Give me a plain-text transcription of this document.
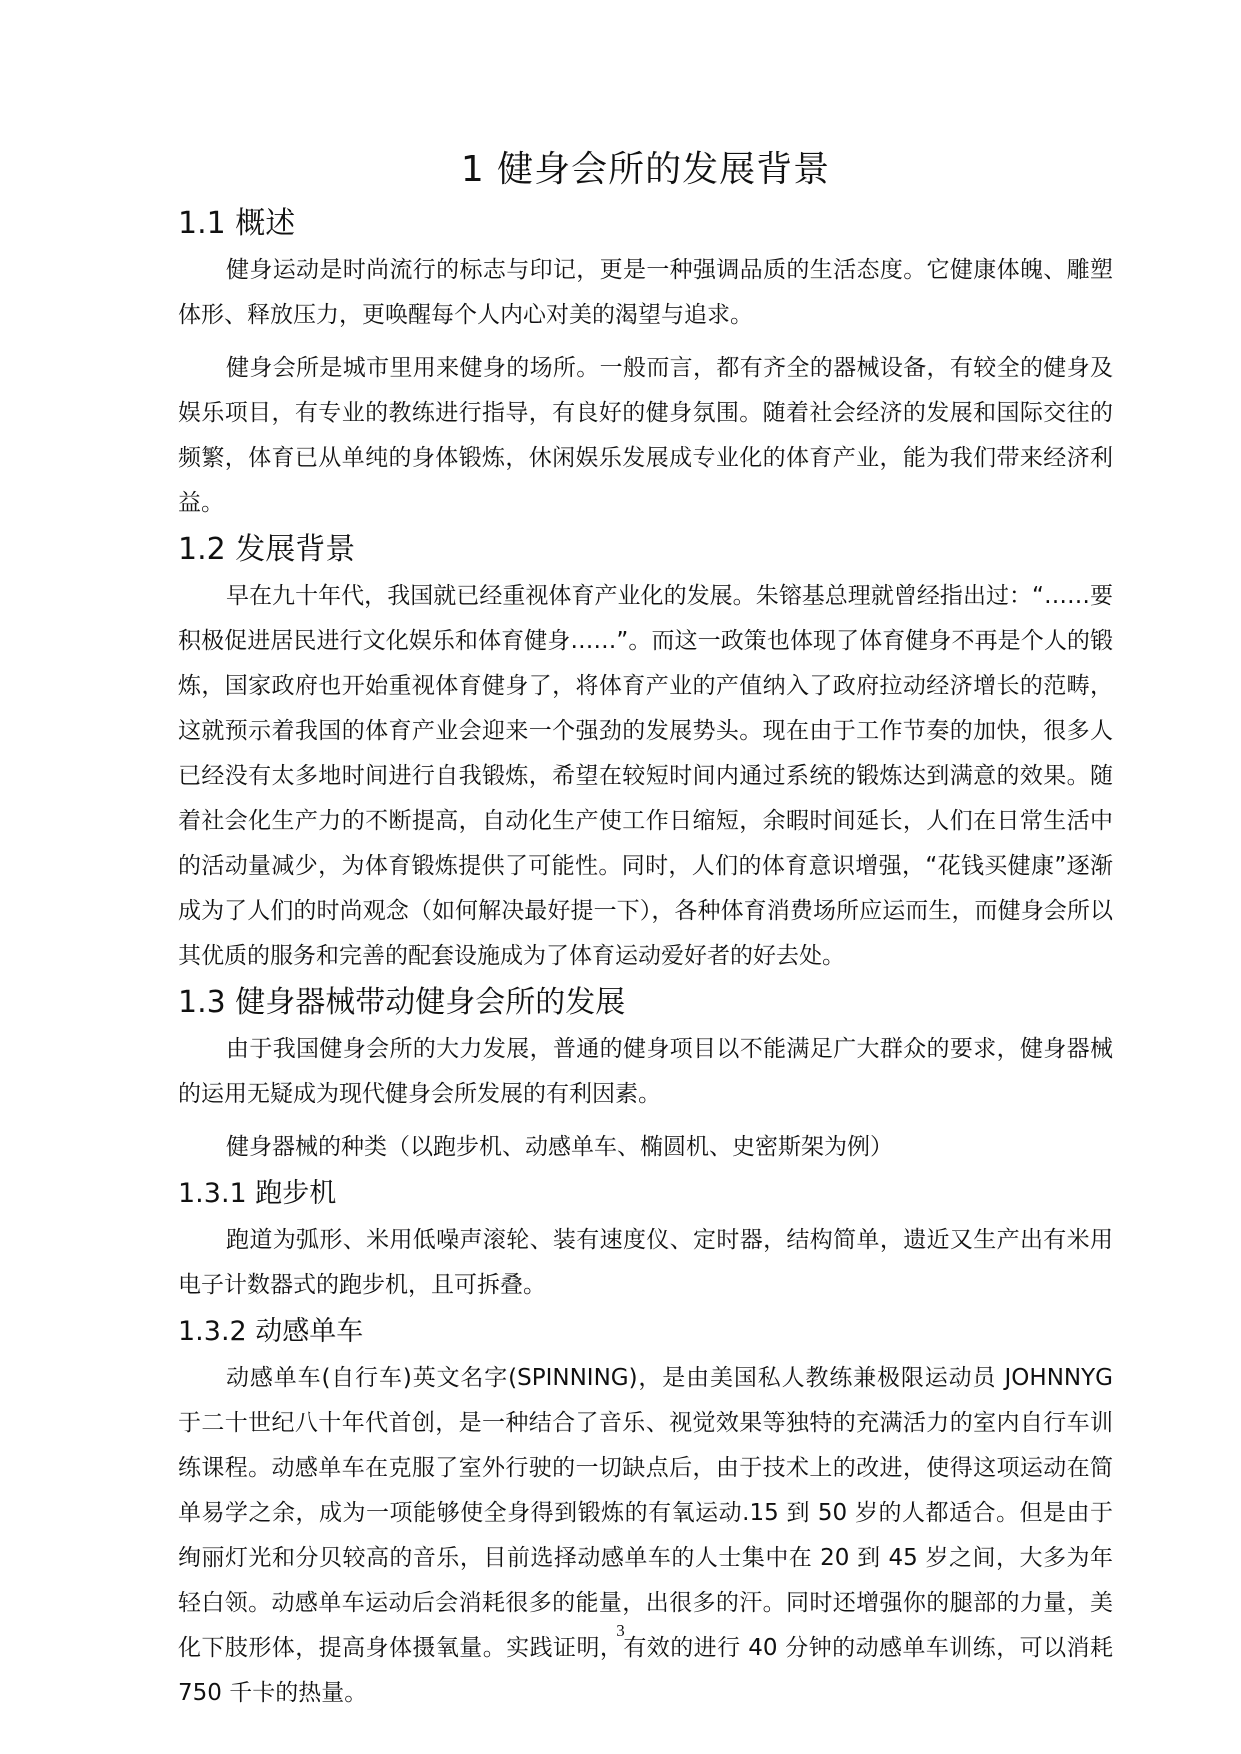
1 健身会所的发展背景
1.1 概述

健身运动是时尚流行的标志与印记，更是一种强调品质的生活态度。它健康体魄、雕塑体形、释放压力，更唤醒每个人内心对美的渴望与追求。

健身会所是城市里用来健身的场所。一般而言，都有齐全的器械设备，有较全的健身及娱乐项目，有专业的教练进行指导，有良好的健身氛围。随着社会经济的发展和国际交往的频繁，体育已从单纯的身体锻炼，休闲娱乐发展成专业化的体育产业，能为我们带来经济利益。

1.2 发展背景

早在九十年代，我国就已经重视体育产业化的发展。朱镕基总理就曾经指出过：“……要积极促进居民进行文化娱乐和体育健身……”。而这一政策也体现了体育健身不再是个人的锻炼，国家政府也开始重视体育健身了，将体育产业的产值纳入了政府拉动经济增长的范畴，这就预示着我国的体育产业会迎来一个强劲的发展势头。现在由于工作节奏的加快，很多人已经没有太多地时间进行自我锻炼，希望在较短时间内通过系统的锻炼达到满意的效果。随着社会化生产力的不断提高，自动化生产使工作日缩短，余暇时间延长，人们在日常生活中的活动量减少，为体育锻炼提供了可能性。同时，人们的体育意识增强，“花钱买健康”逐渐成为了人们的时尚观念（如何解决最好提一下），各种体育消费场所应运而生，而健身会所以其优质的服务和完善的配套设施成为了体育运动爱好者的好去处。

1.3 健身器械带动健身会所的发展

由于我国健身会所的大力发展，普通的健身项目以不能满足广大群众的要求，健身器械的运用无疑成为现代健身会所发展的有利因素。

健身器械的种类（以跑步机、动感单车、椭圆机、史密斯架为例）

1.3.1 跑步机

跑道为弧形、米用低噪声滚轮、装有速度仪、定时器，结构简单，遗近又生产出有米用电子计数器式的跑步机，且可拆叠。

1.3.2 动感单车

动感单车(自行车)英文名字(SPINNING)，是由美国私人教练兼极限运动员 JOHNNYG 于二十世纪八十年代首创，是一种结合了音乐、视觉效果等独特的充满活力的室内自行车训练课程。动感单车在克服了室外行驶的一切缺点后，由于技术上的改进，使得这项运动在简单易学之余，成为一项能够使全身得到锻炼的有氧运动.15 到 50 岁的人都适合。但是由于绚丽灯光和分贝较高的音乐，目前选择动感单车的人士集中在 20 到 45 岁之间，大多为年轻白领。动感单车运动后会消耗很多的能量，出很多的汗。同时还增强你的腿部的力量，美化下肢形体，提高身体摄氧量。实践证明，有效的进行 40 分钟的动感单车训练，可以消耗 750 千卡的热量。

3
